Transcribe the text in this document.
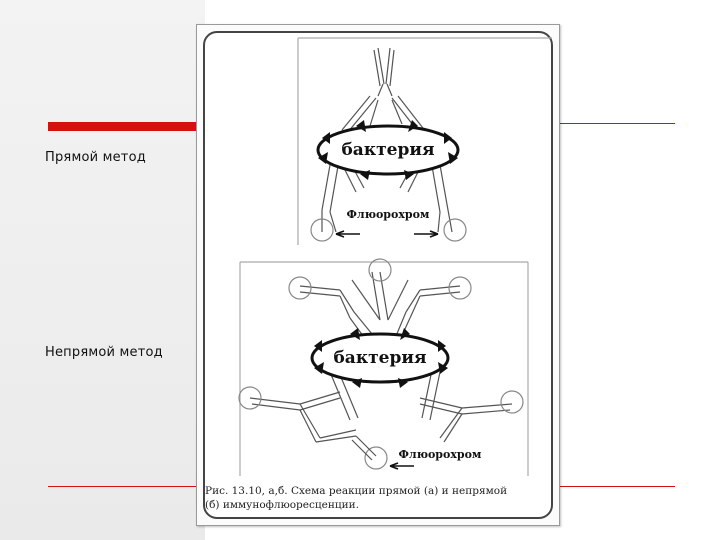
Прямой метод
Непрямой метод
бактерия
бактерия
Флюорохром
Флюорохром
Рис. 13.10, а,б. Схема реакции прямой (а) и непрямой
(б) иммунофлюоресценции.
